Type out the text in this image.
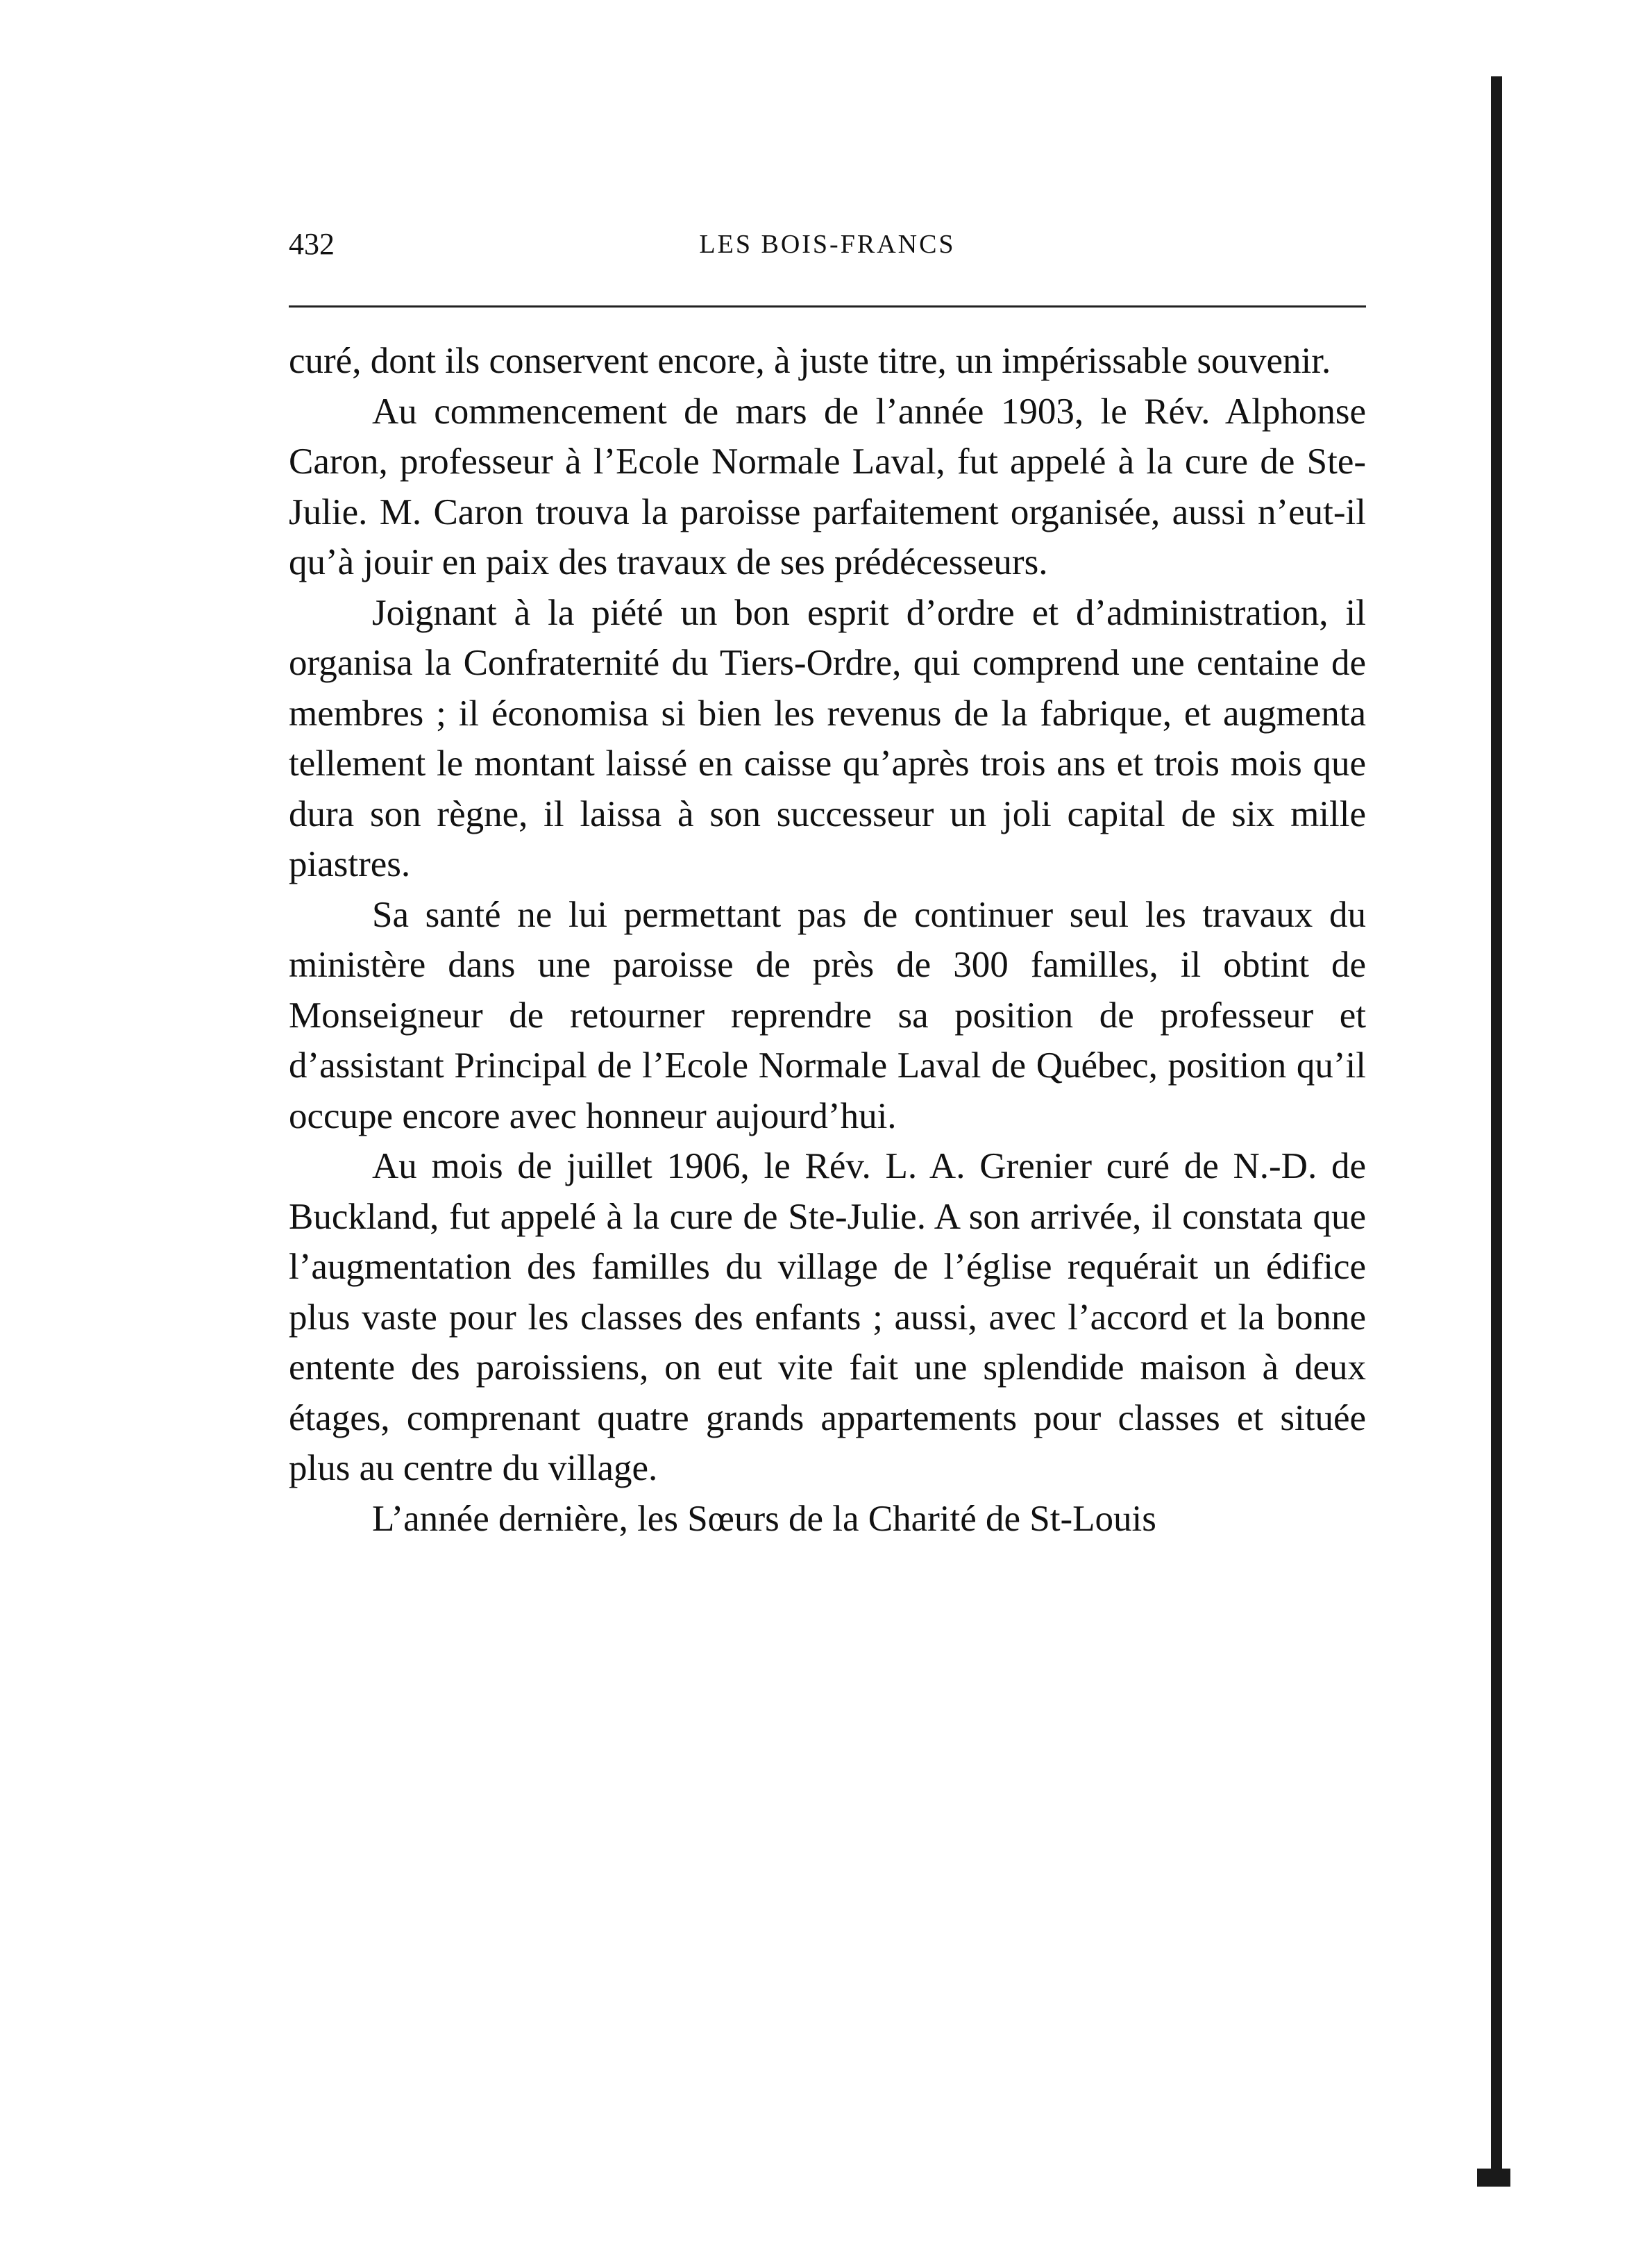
432	LES BOIS-FRANCS

curé, dont ils conservent encore, à juste titre, un impérissable souvenir.

Au commencement de mars de l’année 1903, le Rév. Alphonse Caron, professeur à l’Ecole Normale Laval, fut appelé à la cure de Ste-Julie. M. Caron trouva la paroisse parfaitement organisée, aussi n’eut-il qu’à jouir en paix des travaux de ses prédécesseurs.

Joignant à la piété un bon esprit d’ordre et d’administration, il organisa la Confraternité du Tiers-Ordre, qui comprend une centaine de membres ; il économisa si bien les revenus de la fabrique, et augmenta tellement le montant laissé en caisse qu’après trois ans et trois mois que dura son règne, il laissa à son successeur un joli capital de six mille piastres.

Sa santé ne lui permettant pas de continuer seul les travaux du ministère dans une paroisse de près de 300 familles, il obtint de Monseigneur de retourner reprendre sa position de professeur et d’assistant Principal de l’Ecole Normale Laval de Québec, position qu’il occupe encore avec honneur aujourd’hui.

Au mois de juillet 1906, le Rév. L. A. Grenier curé de N.-D. de Buckland, fut appelé à la cure de Ste-Julie. A son arrivée, il constata que l’augmentation des familles du village de l’église requérait un édifice plus vaste pour les classes des enfants ; aussi, avec l’accord et la bonne entente des paroissiens, on eut vite fait une splendide maison à deux étages, comprenant quatre grands appartements pour classes et située plus au centre du village.

L’année dernière, les Sœurs de la Charité de St-Louis
